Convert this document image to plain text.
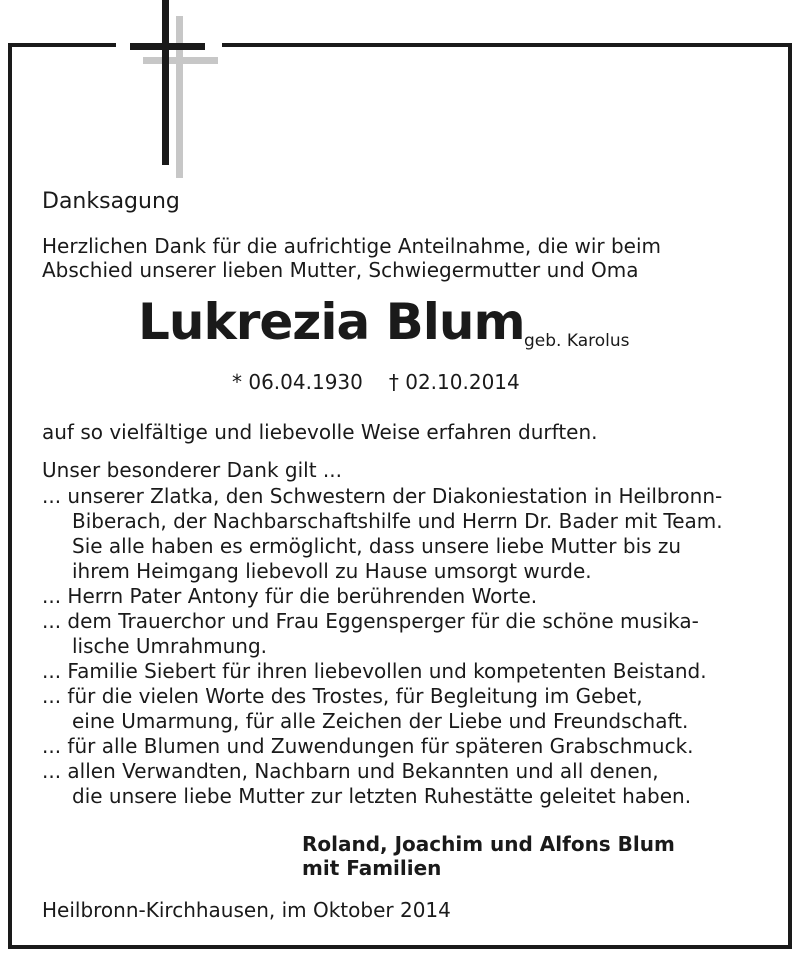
Danksagung
Herzlichen Dank für die aufrichtige Anteilnahme, die wir beim
Abschied unserer lieben Mutter, Schwiegermutter und Oma
Lukrezia Blum geb. Karolus
* 06.04.1930 † 02.10.2014
auf so vielfältige und liebevolle Weise erfahren durften.
Unser besonderer Dank gilt ...
... unserer Zlatka, den Schwestern der Diakoniestation in Heilbronn-
Biberach, der Nachbarschaftshilfe und Herrn Dr. Bader mit Team.
Sie alle haben es ermöglicht, dass unsere liebe Mutter bis zu
ihrem Heimgang liebevoll zu Hause umsorgt wurde.
... Herrn Pater Antony für die berührenden Worte.
... dem Trauerchor und Frau Eggensperger für die schöne musika-
lische Umrahmung.
... Familie Siebert für ihren liebevollen und kompetenten Beistand.
... für die vielen Worte des Trostes, für Begleitung im Gebet,
eine Umarmung, für alle Zeichen der Liebe und Freundschaft.
... für alle Blumen und Zuwendungen für späteren Grabschmuck.
... allen Verwandten, Nachbarn und Bekannten und all denen,
die unsere liebe Mutter zur letzten Ruhestätte geleitet haben.
Roland, Joachim und Alfons Blum
mit Familien
Heilbronn-Kirchhausen, im Oktober 2014
